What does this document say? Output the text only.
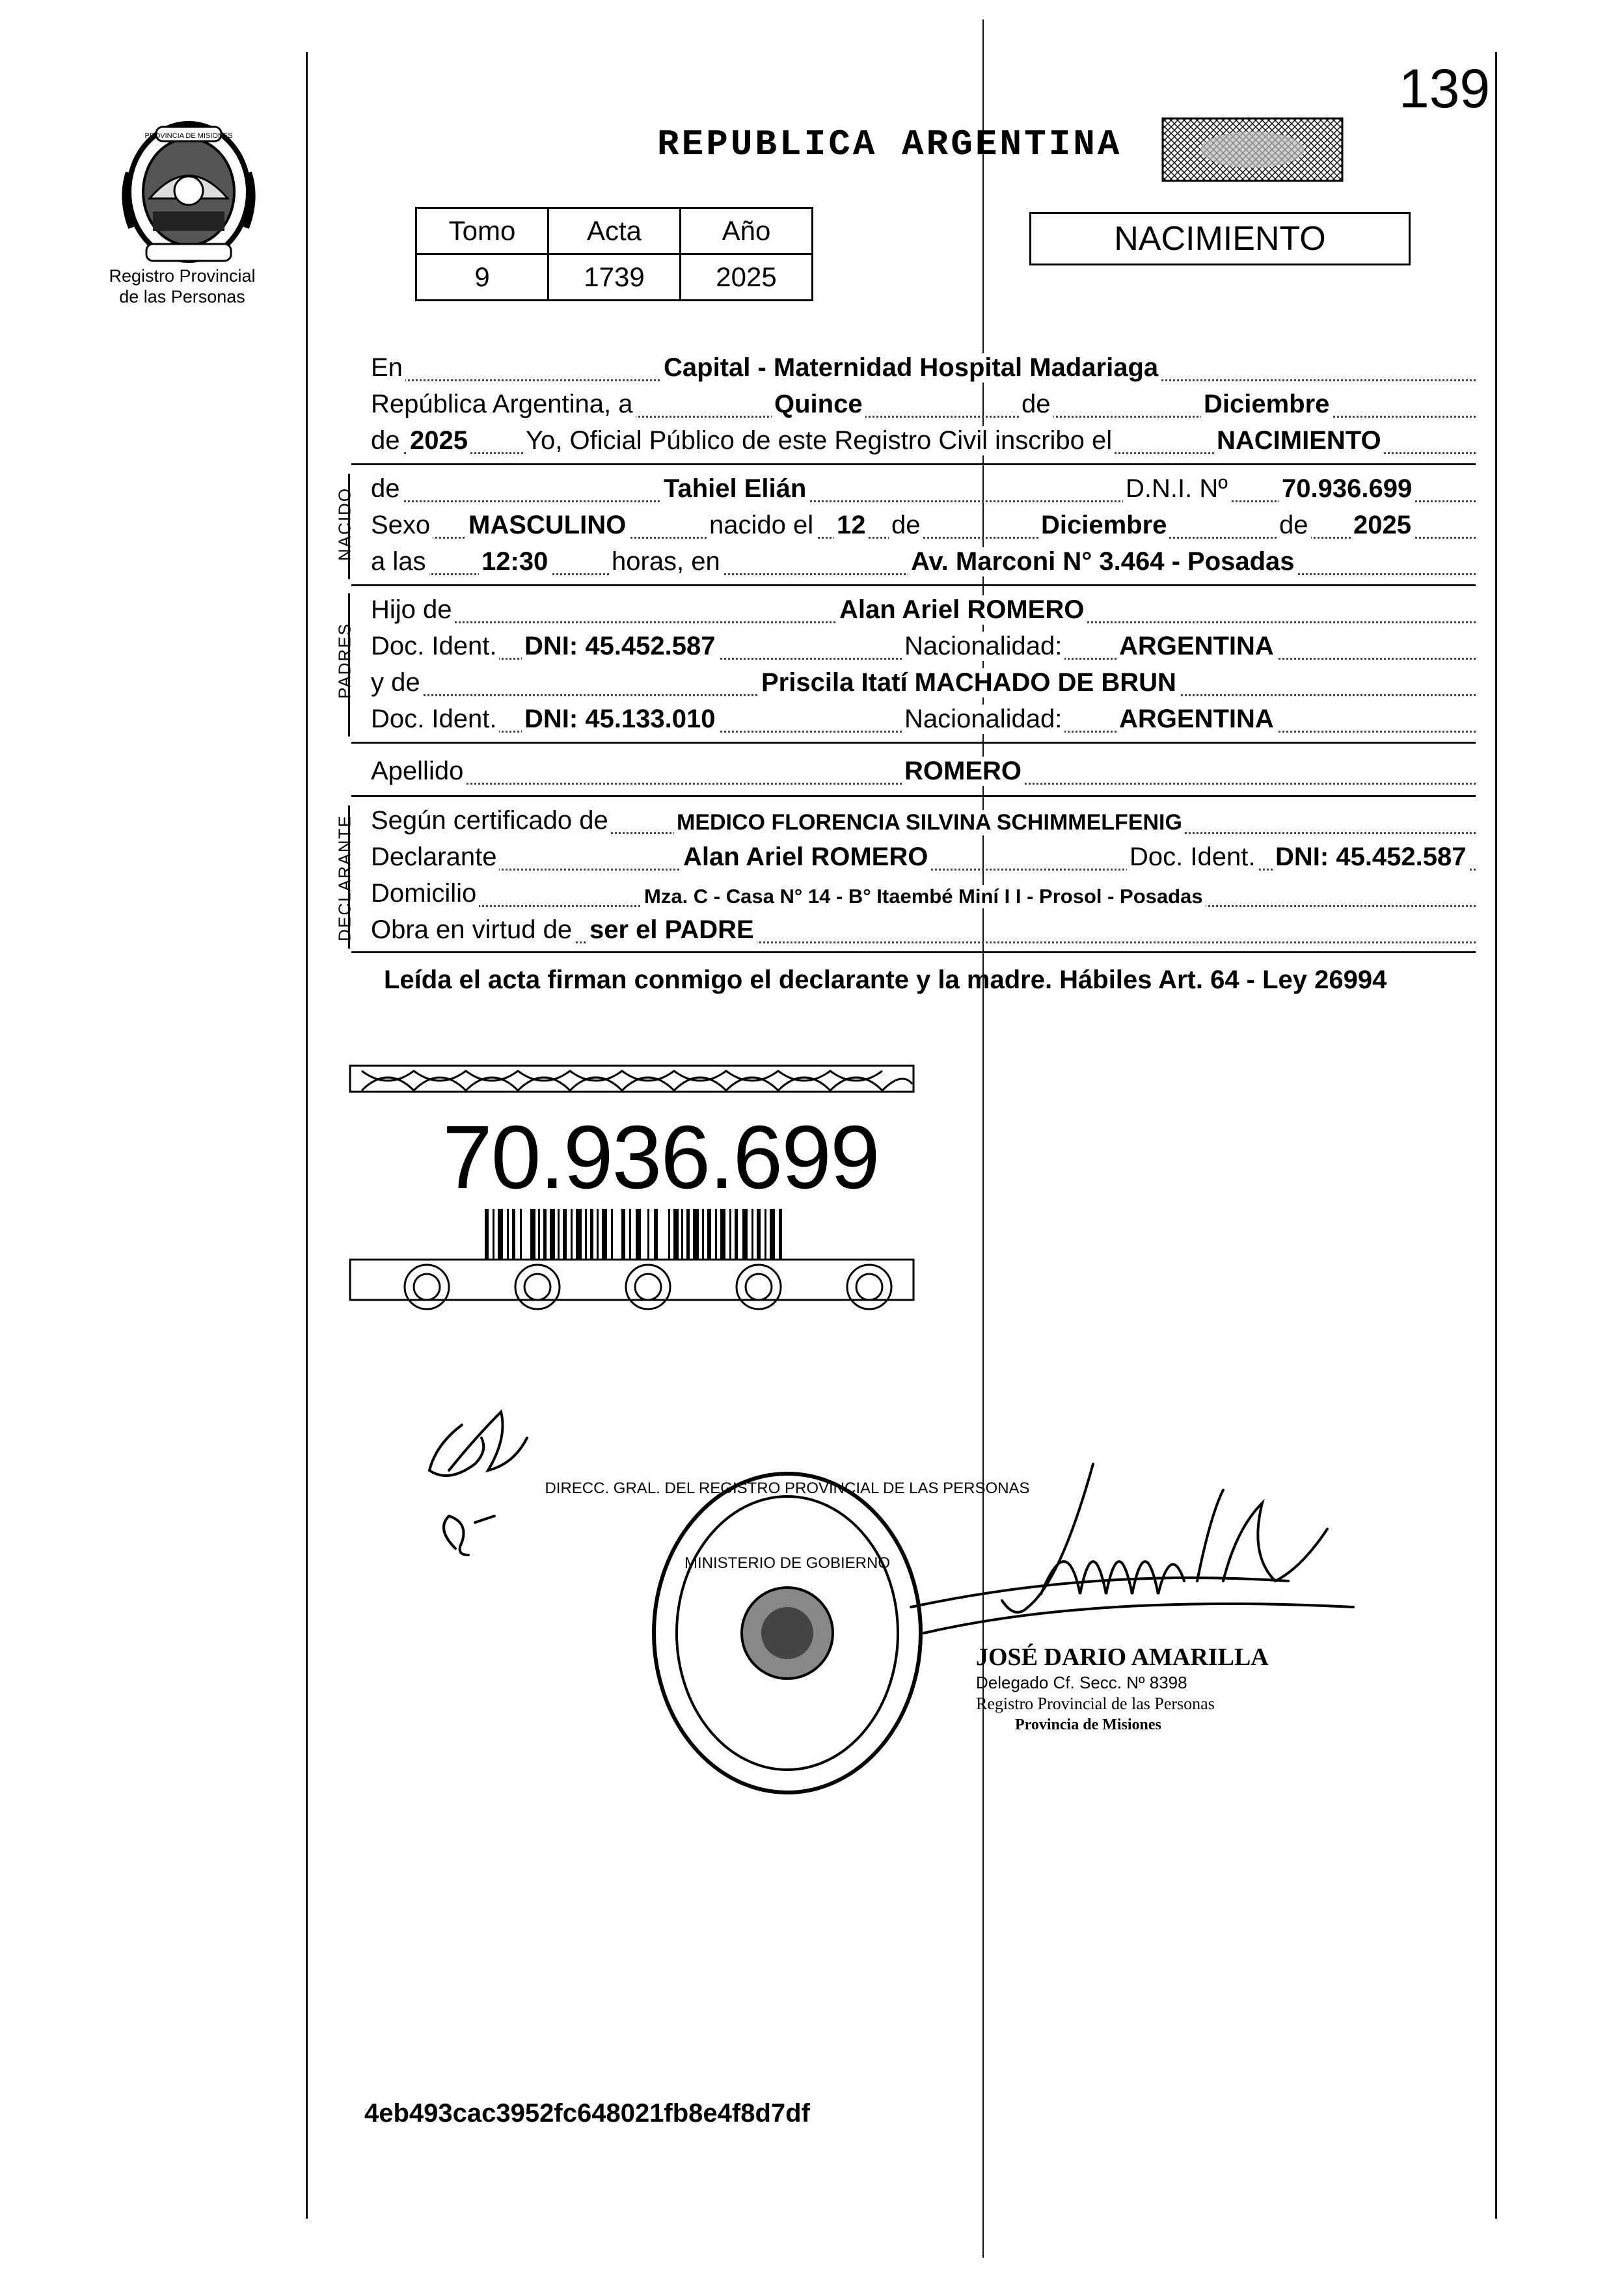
139
PROVINCIA DE MISIONES
Registro Provincial
de las Personas
REPUBLICA ARGENTINA
Tomo	Acta	Año
9	1739	2025
NACIMIENTO
En	Capital - Maternidad Hospital Madariaga
República Argentina, a	Quince	de	Diciembre
de 2025 Yo, Oficial Público de este Registro Civil inscribo el	NACIMIENTO
de	Tahiel Elián	D.N.I. Nº 70.936.699
Sexo MASCULINO	nacido el 12 de	Diciembre	de 2025
a las 12:30 horas, en	Av. Marconi N° 3.464 - Posadas
Hijo de	Alan Ariel ROMERO
Doc. Ident. DNI: 45.452.587	Nacionalidad: ARGENTINA
y de	Priscila Itatí MACHADO DE BRUN
Doc. Ident. DNI: 45.133.010	Nacionalidad: ARGENTINA
Apellido	ROMERO
Según certificado de	MEDICO FLORENCIA SILVINA SCHIMMELFENIG
Declarante	Alan Ariel ROMERO	Doc. Ident. DNI: 45.452.587
Domicilio	Mza. C - Casa N° 14 - B° Itaembé Miní I I - Prosol - Posadas
Obra en virtud de ser el PADRE
NACIDO
PADRES
DECLARANTE
Leída el acta firman conmigo el declarante y la madre. Hábiles Art. 64 - Ley 26994
70.936.699
DIRECC. GRAL. DEL REGISTRO PROVINCIAL DE LAS PERSONAS
MINISTERIO DE GOBIERNO
JOSÉ DARIO AMARILLA
Delegado Cf. Secc. Nº 8398
Registro Provincial de las Personas
Provincia de Misiones
4eb493cac3952fc648021fb8e4f8d7df
